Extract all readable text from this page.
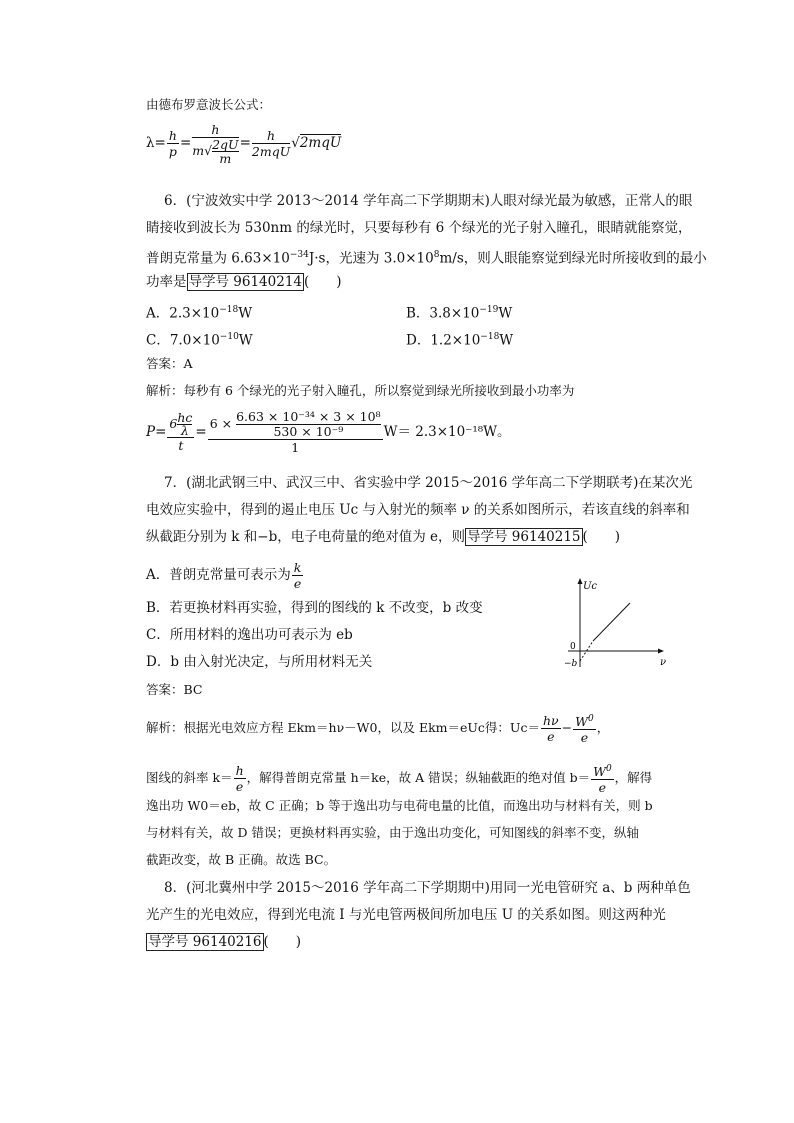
由德布罗意波长公式：
$\lambda= \frac{h}{p} = \frac{h}{m√ \frac{2qU}{m}} = \frac{h}{\text{2mqU}} √2mqU$
6．(宁波效实中学 2013～2014 学年高二下学期期末)人眼对绿光最为敏感，正常人的眼
睛接收到波长为 530nm 的绿光时，只要每秒有 6 个绿光的光子射入瞳孔，眼睛就能察觉，
普朗克常量为 $6.63\times 10^{-34}J\cdot s$，光速为 $3.0\times 10^8m/s$，则人眼能察觉到绿光时所接收到的最小
功率是 导学号 96140214 (　　)
A．$2.3\times 10^{-18}W$	B．$3.8\times 10^{-19}W$
C．$7.0\times 10^{-10}W$	D．$1.2\times 10^{-18}W$
答案：A
解析：每秒有 6 个绿光的光子射入瞳孔，所以察觉到绿光所接收到最小功率为
$P= \frac{6 \frac{hc}{\lambda}}{t} = \frac{6 \times \frac{\text{6.63 × 10⁻³⁴ × 3 × 10⁸}}{\text{530 × 10⁻⁹}}}{1} W= 2.3\times 10^{-18}W$。
7．(湖北武钢三中、武汉三中、省实验中学 2015～2016 学年高二下学期联考)在某次光
电效应实验中，得到的遏止电压 Uc 与入射光的频率 ν 的关系如图所示，若该直线的斜率和
纵截距分别为 k 和−b，电子电荷量的绝对值为 e，则 导学号 96140215 (　　)
A．普朗克常量可表示为 $\frac{k}{e}$
B．若更换材料再实验，得到的图线的 k 不改变，b 改变
C．所用材料的逸出功可表示为 eb
D．b 由入射光决定，与所用材料无关
答案：BC
Uc
ν
0
−b
解析：根据光电效应方程 Ekm＝hν－W0，以及 Ekm＝eUc得：$Uc= \frac{h\nu}{e} - \frac{W^0}{e}$ ，
图线的斜率 $k= \frac{h}{e}$ ，解得普朗克常量 h＝ke，故 A 错误；纵轴截距的绝对值 $b= \frac{W^0}{e}$ ，解得
逸出功 W0＝eb，故 C 正确；b 等于逸出功与电荷电量的比值，而逸出功与材料有关，则 b
与材料有关，故 D 错误；更换材料再实验，由于逸出功变化，可知图线的斜率不变，纵轴
截距改变，故 B 正确。故选 BC。
8．(河北冀州中学 2015～2016 学年高二下学期期中)用同一光电管研究 a、b 两种单色
光产生的光电效应，得到光电流 I 与光电管两极间所加电压 U 的关系如图。则这两种光
导学号 96140216 (　　)
